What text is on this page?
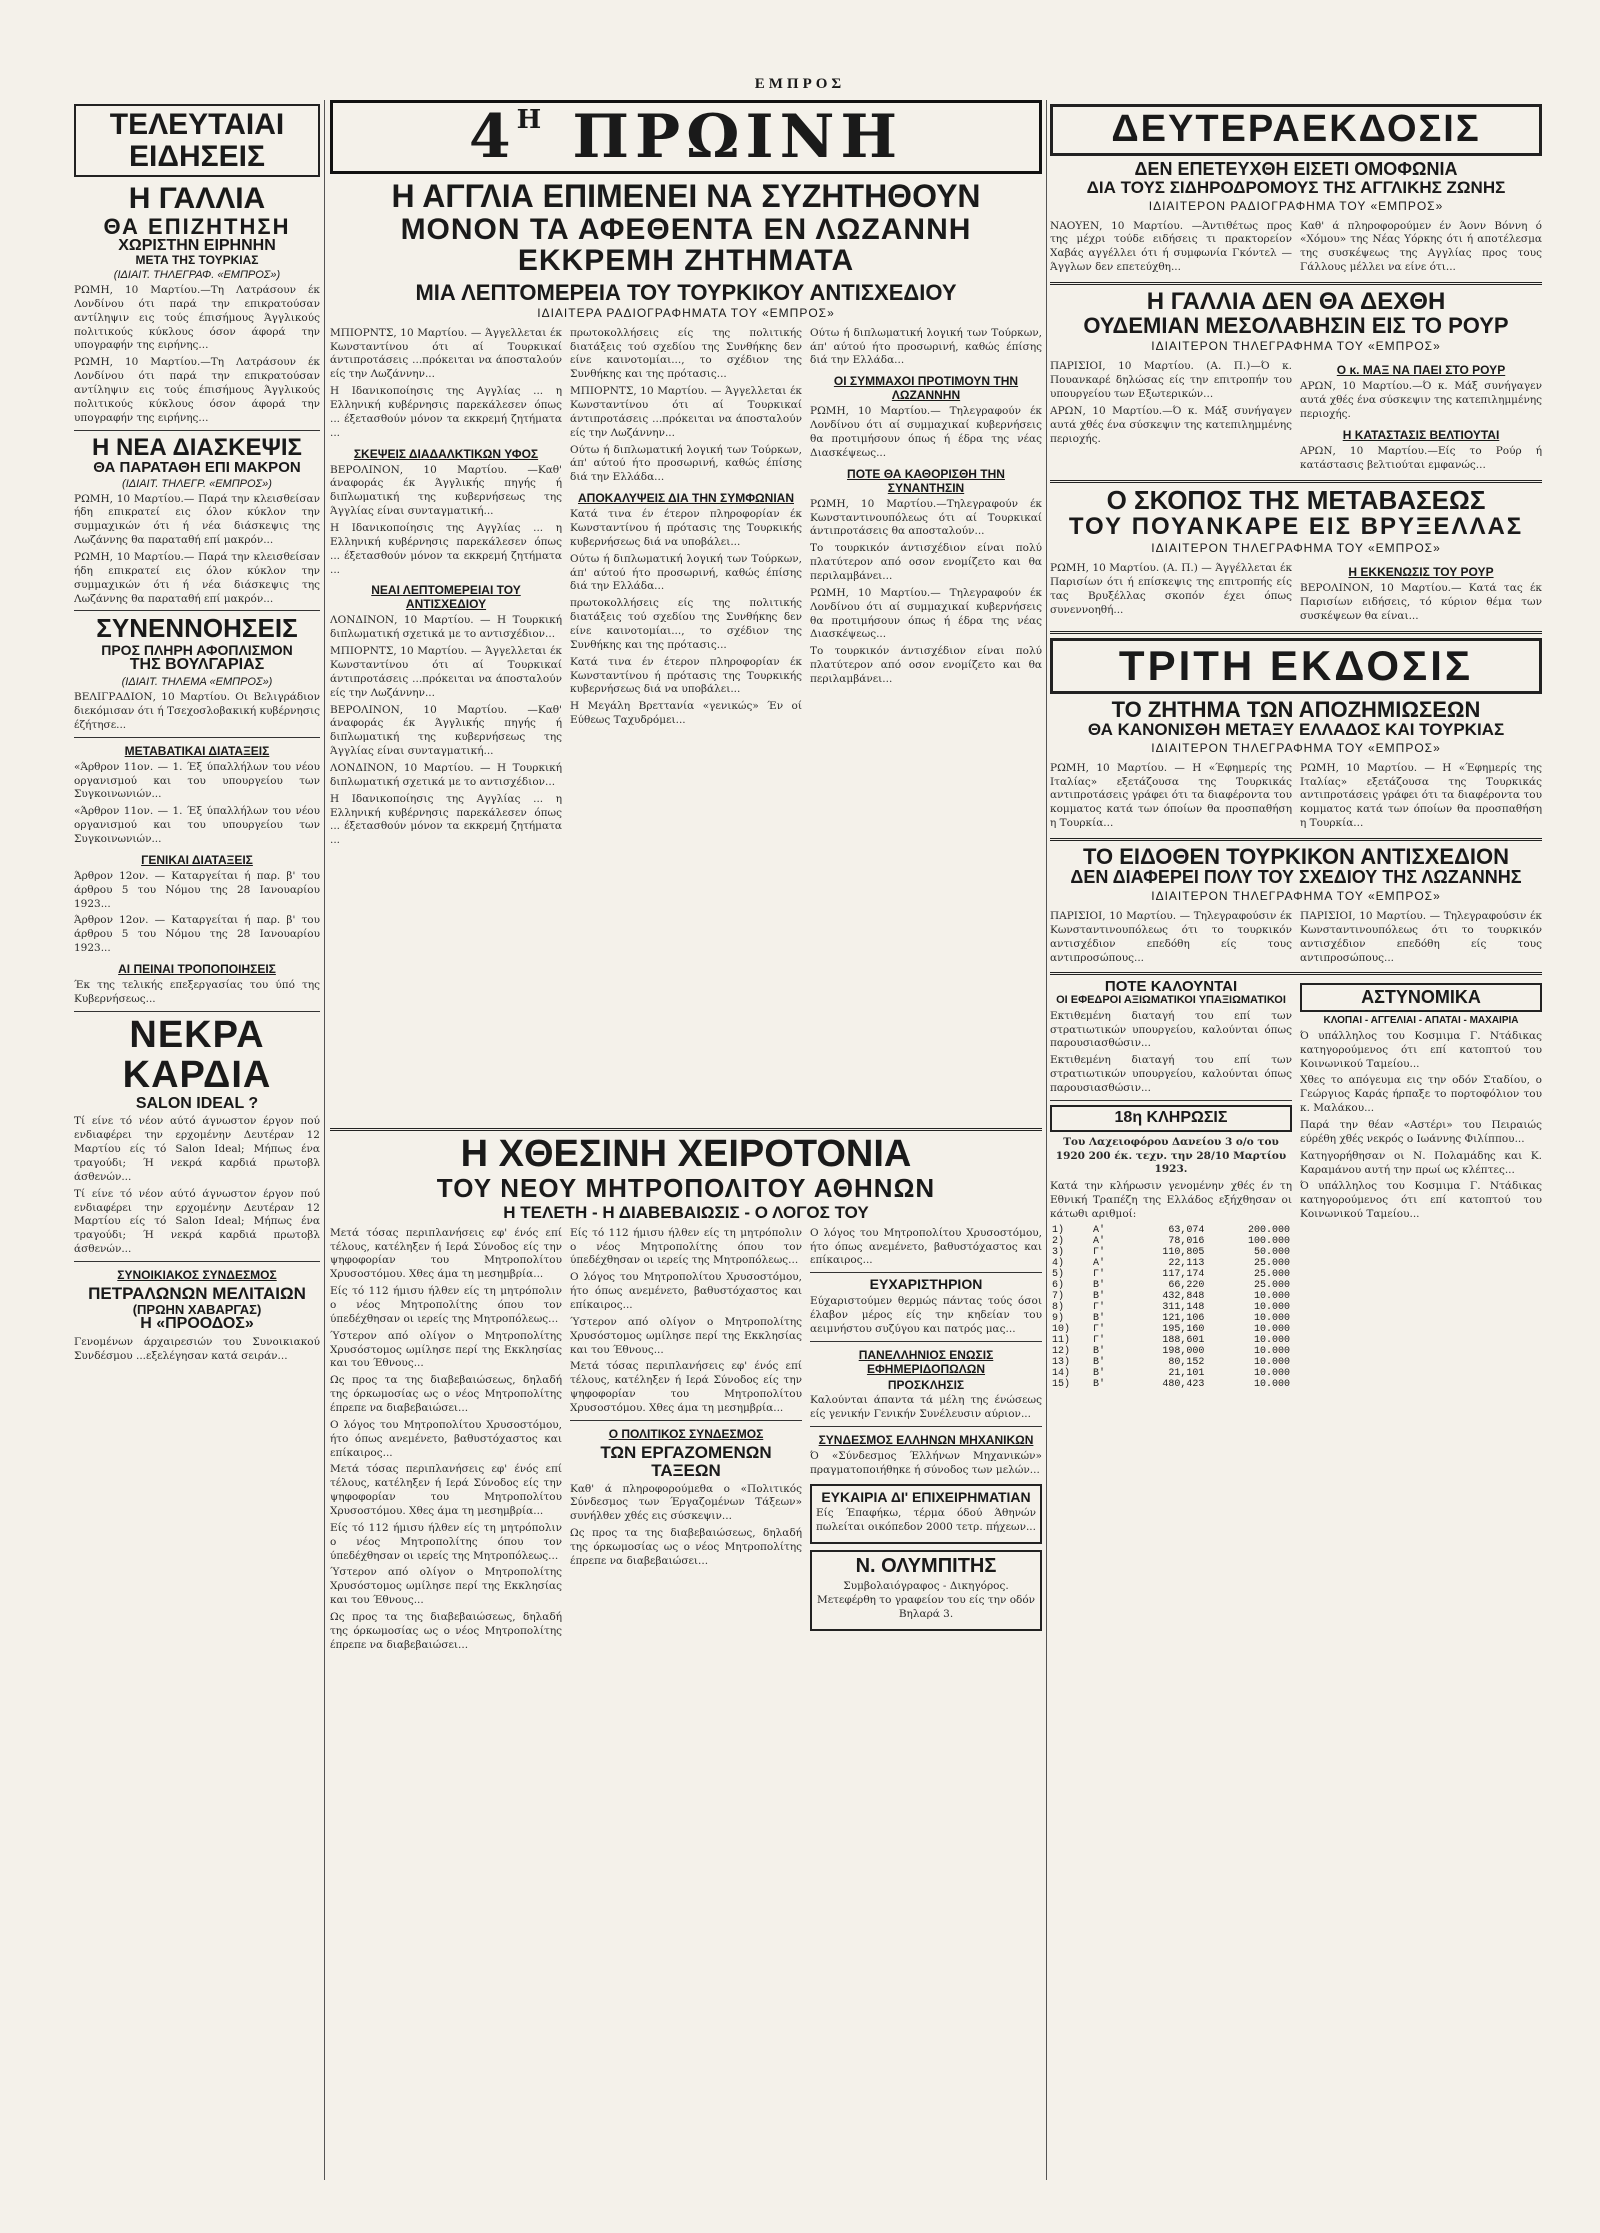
ΕΜΠΡΟΣ
ΤΕΛΕΥΤΑΙΑΙ ΕΙΔΗΣΕΙΣ
Η ΓΑΛΛΙΑ
ΘΑ ΕΠΙΖΗΤΗΣΗ
ΧΩΡΙΣΤΗΝ ΕΙΡΗΝΗΝ
ΜΕΤΑ ΤΗΣ ΤΟΥΡΚΙΑΣ
(ΙΔΙΑΙΤ. ΤΗΛΕΓΡΑΦ. «ΕΜΠΡΟΣ»)

ΡΩΜΗ, 10 Μαρτίου.—Τη Λατράσουν έκ Λονδίνου ότι παρά την επικρατούσαν αντίληψιν εις τούς έπισήμους Άγγλικούς πολιτικούς κύκλους όσον άφορά την υπογραφήν της ειρήνης...

ΡΩΜΗ, 10 Μαρτίου.—Τη Λατράσουν έκ Λονδίνου ότι παρά την επικρατούσαν αντίληψιν εις τούς έπισήμους Άγγλικούς πολιτικούς κύκλους όσον άφορά την υπογραφήν της ειρήνης...

Η ΝΕΑ ΔΙΑΣΚΕΨΙΣ
ΘΑ ΠΑΡΑΤΑΘΗ ΕΠΙ ΜΑΚΡΟΝ
(ΙΔΙΑΙΤ. ΤΗΛΕΓΡ. «ΕΜΠΡΟΣ»)

ΡΩΜΗ, 10 Μαρτίου.— Παρά την κλεισθείσαν ήδη επικρατεί εις όλον κύκλον την συμμαχικών ότι ή νέα διάσκεψις της Λωζάννης θα παραταθή επί μακρόν...

ΡΩΜΗ, 10 Μαρτίου.— Παρά την κλεισθείσαν ήδη επικρατεί εις όλον κύκλον την συμμαχικών ότι ή νέα διάσκεψις της Λωζάννης θα παραταθή επί μακρόν...

ΣΥΝΕΝΝΟΗΣΕΙΣ
ΠΡΟΣ ΠΛΗΡΗ ΑΦΟΠΛΙΣΜΟΝ
ΤΗΣ ΒΟΥΛΓΑΡΙΑΣ
(ΙΔΙΑΙΤ. ΤΗΛΕΜΑ «ΕΜΠΡΟΣ»)

ΒΕΛΙΓΡΑΔΙΟΝ, 10 Μαρτίου. Οι Βελιγράδιον διεκόμισαν ότι ή Τσεχοσλοβακική κυβέρνησις έζήτησε...

ΜΕΤΑΒΑΤΙΚΑΙ ΔΙΑΤΑΞΕΙΣ

«Άρθρον 11ον. — 1. Έξ ύπαλλήλων του νέου οργανισμού και του υπουργείου των Συγκοινωνιών...

«Άρθρον 11ον. — 1. Έξ ύπαλλήλων του νέου οργανισμού και του υπουργείου των Συγκοινωνιών...

ΓΕΝΙΚΑΙ ΔΙΑΤΑΞΕΙΣ

Άρθρον 12ον. — Καταργείται ή παρ. β' του άρθρου 5 του Νόμου της 28 Ιανουαρίου 1923...

Άρθρον 12ον. — Καταργείται ή παρ. β' του άρθρου 5 του Νόμου της 28 Ιανουαρίου 1923...

ΑΙ ΠΕΙΝΑΙ ΤΡΟΠΟΠΟΙΗΣΕΙΣ

Έκ της τελικής επεξεργασίας του ύπό της Κυβερνήσεως...

ΝΕΚΡΑ ΚΑΡΔΙΑ
SALON IDEAL ?

Τί είνε τό νέον αύτό άγνωστον έργον πού ενδιαφέρει την ερχομένην Δευτέραν 12 Μαρτίου είς τό Salon Ideal; Μήπως ένα τραγούδι; Ή νεκρά καρδιά πρωτοβλ άσθενών...

Τί είνε τό νέον αύτό άγνωστον έργον πού ενδιαφέρει την ερχομένην Δευτέραν 12 Μαρτίου είς τό Salon Ideal; Μήπως ένα τραγούδι; Ή νεκρά καρδιά πρωτοβλ άσθενών...

ΣΥΝΟΙΚΙΑΚΟΣ ΣΥΝΔΕΣΜΟΣ
ΠΕΤΡΑΛΩΝΩΝ ΜΕΛΙΤΑΙΩΝ
(ΠΡΩΗΝ ΧΑΒΑΡΓΑΣ)
Η «ΠΡΟΟΔΟΣ»

Γενομένων άρχαιρεσιών του Συνοικιακού Συνδέσμου ...εξελέγησαν κατά σειράν...

$4^H$ ΠΡΩΙΝΗ
Η ΑΓΓΛΙΑ ΕΠΙΜΕΝΕΙ ΝΑ ΣΥΖΗΤΗΘΟΥΝ
ΜΟΝΟΝ ΤΑ ΑΦΕΘΕΝΤΑ ΕΝ ΛΩΖΑΝΝΗ ΕΚΚΡΕΜΗ ΖΗΤΗΜΑΤΑ
ΜΙΑ ΛΕΠΤΟΜΕΡΕΙΑ ΤΟΥ ΤΟΥΡΚΙΚΟΥ ΑΝΤΙΣΧΕΔΙΟΥ
ΙΔΙΑΙΤΕΡΑ ΡΑΔΙΟΓΡΑΦΗΜΑΤΑ ΤΟΥ «ΕΜΠΡΟΣ»

ΜΠΙΟΡΝΤΣ, 10 Μαρτίου. — Άγγελλεται έκ Κωνσταντίνου ότι αί Τουρκικαί άντιπροτάσεις ...πρόκειται να άποσταλούν είς την Λωζάννην...

Η Ιδανικοποίησις της Αγγλίας ... η Ελληνική κυβέρνησις παρεκάλεσεν όπως ... έξετασθούν μόνον τα εκκρεμή ζητήματα ...

ΣΚΕΨΕΙΣ ΔΙΑΔΑΛΚΤΙΚΩΝ ΥΦΟΣ

ΒΕΡΟΛΙΝΟΝ, 10 Μαρτίου. —Καθ' άναφοράς έκ Άγγλικής πηγής ή διπλωματική της κυβερνήσεως της Άγγλίας είναι συνταγματική...

Η Ιδανικοποίησις της Αγγλίας ... η Ελληνική κυβέρνησις παρεκάλεσεν όπως ... έξετασθούν μόνον τα εκκρεμή ζητήματα ...

ΝΕΑΙ ΛΕΠΤΟΜΕΡΕΙΑΙ ΤΟΥ ΑΝΤΙΣΧΕΔΙΟΥ

ΛΟΝΔΙΝΟΝ, 10 Μαρτίου. — Η Τουρκική διπλωματική σχετικά με το αντισχέδιον...

ΜΠΙΟΡΝΤΣ, 10 Μαρτίου. — Άγγελλεται έκ Κωνσταντίνου ότι αί Τουρκικαί άντιπροτάσεις ...πρόκειται να άποσταλούν είς την Λωζάννην...

ΒΕΡΟΛΙΝΟΝ, 10 Μαρτίου. —Καθ' άναφοράς έκ Άγγλικής πηγής ή διπλωματική της κυβερνήσεως της Άγγλίας είναι συνταγματική...

ΛΟΝΔΙΝΟΝ, 10 Μαρτίου. — Η Τουρκική διπλωματική σχετικά με το αντισχέδιον...

Η Ιδανικοποίησις της Αγγλίας ... η Ελληνική κυβέρνησις παρεκάλεσεν όπως ... έξετασθούν μόνον τα εκκρεμή ζητήματα ...

πρωτοκολλήσεις είς της πολιτικής διατάξεις τού σχεδίου της Συνθήκης δεν είνε καινοτομίαι..., το σχέδιον της Συνθήκης και της πρότασις...

ΜΠΙΟΡΝΤΣ, 10 Μαρτίου. — Άγγελλεται έκ Κωνσταντίνου ότι αί Τουρκικαί άντιπροτάσεις ...πρόκειται να άποσταλούν είς την Λωζάννην...

Ούτω ή διπλωματική λογική των Τούρκων, άπ' αύτού ήτο προσωρινή, καθώς έπίσης διά την Ελλάδα...

ΑΠΟΚΑΛΥΨΕΙΣ ΔΙΑ ΤΗΝ ΣΥΜΦΩΝΙΑΝ

Κατά τινα έν έτερον πληροφορίαν έκ Κωνσταντίνου ή πρότασις της Τουρκικής κυβερνήσεως διά να υποβάλει...

Ούτω ή διπλωματική λογική των Τούρκων, άπ' αύτού ήτο προσωρινή, καθώς έπίσης διά την Ελλάδα...

πρωτοκολλήσεις είς της πολιτικής διατάξεις τού σχεδίου της Συνθήκης δεν είνε καινοτομίαι..., το σχέδιον της Συνθήκης και της πρότασις...

Κατά τινα έν έτερον πληροφορίαν έκ Κωνσταντίνου ή πρότασις της Τουρκικής κυβερνήσεως διά να υποβάλει...

Η Μεγάλη Βρεττανία «γενικώς» Έν οί Εύθεως Ταχυδρόμει...

Ούτω ή διπλωματική λογική των Τούρκων, άπ' αύτού ήτο προσωρινή, καθώς έπίσης διά την Ελλάδα...

ΟΙ ΣΥΜΜΑΧΟΙ ΠΡΟΤΙΜΟΥΝ ΤΗΝ ΛΩΖΑΝΝΗΝ

ΡΩΜΗ, 10 Μαρτίου.— Τηλεγραφούν έκ Λονδίνου ότι αί συμμαχικαί κυβερνήσεις θα προτιμήσουν όπως ή έδρα της νέας Διασκέψεως...

ΠΟΤΕ ΘΑ ΚΑΘΟΡΙΣΘΗ ΤΗΝ ΣΥΝΑΝΤΗΣΙΝ

ΡΩΜΗ, 10 Μαρτίου.—Τηλεγραφούν έκ Κωνσταντινουπόλεως ότι αί Τουρκικαί άντιπροτάσεις θα αποσταλούν...

Το τουρκικόν άντισχέδιον είναι πολύ πλατύτερον από οσον ενομίζετο και θα περιλαμβάνει...

ΡΩΜΗ, 10 Μαρτίου.— Τηλεγραφούν έκ Λονδίνου ότι αί συμμαχικαί κυβερνήσεις θα προτιμήσουν όπως ή έδρα της νέας Διασκέψεως...

Το τουρκικόν άντισχέδιον είναι πολύ πλατύτερον από οσον ενομίζετο και θα περιλαμβάνει...

Η ΧΘΕΣΙΝΗ ΧΕΙΡΟΤΟΝΙΑ
ΤΟΥ ΝΕΟΥ ΜΗΤΡΟΠΟΛΙΤΟΥ ΑΘΗΝΩΝ
Η ΤΕΛΕΤΗ - Η ΔΙΑΒΕΒΑΙΩΣΙΣ - Ο ΛΟΓΟΣ ΤΟΥ

Μετά τόσας περιπλανήσεις εφ' ένός επί τέλους, κατέληξεν ή Ιερά Σύνοδος είς την ψηφοφορίαν του Μητροπολίτου Χρυσοστόμου. Χθες άμα τη μεσημβρία...

Είς τό 112 ήμισυ ήλθεν είς τη μητρόπολιν ο νέος Μητροπολίτης όπου τον ύπεδέχθησαν οι ιερείς της Μητροπόλεως...

Ύστερον από ολίγον ο Μητροπολίτης Χρυσόστομος ωμίλησε περί της Εκκλησίας και του Έθνους...

Ως προς τα της διαβεβαιώσεως, δηλαδή της όρκωμοσίας ως ο νέος Μητροπολίτης έπρεπε να διαβεβαιώσει...

Ο λόγος του Μητροπολίτου Χρυσοστόμου, ήτο όπως ανεμένετο, βαθυστόχαστος και επίκαιρος...

Μετά τόσας περιπλανήσεις εφ' ένός επί τέλους, κατέληξεν ή Ιερά Σύνοδος είς την ψηφοφορίαν του Μητροπολίτου Χρυσοστόμου. Χθες άμα τη μεσημβρία...

Είς τό 112 ήμισυ ήλθεν είς τη μητρόπολιν ο νέος Μητροπολίτης όπου τον ύπεδέχθησαν οι ιερείς της Μητροπόλεως...

Ύστερον από ολίγον ο Μητροπολίτης Χρυσόστομος ωμίλησε περί της Εκκλησίας και του Έθνους...

Ως προς τα της διαβεβαιώσεως, δηλαδή της όρκωμοσίας ως ο νέος Μητροπολίτης έπρεπε να διαβεβαιώσει...

Είς τό 112 ήμισυ ήλθεν είς τη μητρόπολιν ο νέος Μητροπολίτης όπου τον ύπεδέχθησαν οι ιερείς της Μητροπόλεως...

Ο λόγος του Μητροπολίτου Χρυσοστόμου, ήτο όπως ανεμένετο, βαθυστόχαστος και επίκαιρος...

Ύστερον από ολίγον ο Μητροπολίτης Χρυσόστομος ωμίλησε περί της Εκκλησίας και του Έθνους...

Μετά τόσας περιπλανήσεις εφ' ένός επί τέλους, κατέληξεν ή Ιερά Σύνοδος είς την ψηφοφορίαν του Μητροπολίτου Χρυσοστόμου. Χθες άμα τη μεσημβρία...

Ο ΠΟΛΙΤΙΚΟΣ ΣΥΝΔΕΣΜΟΣ
ΤΩΝ ΕΡΓΑΖΟΜΕΝΩΝ ΤΑΞΕΩΝ

Καθ' ά πληροφορούμεθα ο «Πολιτικός Σύνδεσμος των Έργαζομένων Τάξεων» συνήλθεν χθές εις σύσκεψιν...

Ως προς τα της διαβεβαιώσεως, δηλαδή της όρκωμοσίας ως ο νέος Μητροπολίτης έπρεπε να διαβεβαιώσει...

Ο λόγος του Μητροπολίτου Χρυσοστόμου, ήτο όπως ανεμένετο, βαθυστόχαστος και επίκαιρος...

ΕΥΧΑΡΙΣΤΗΡΙΟΝ

Εύχαριστούμεν θερμώς πάντας τούς όσοι έλαβον μέρος είς την κηδείαν του αειμνήστου συζύγου και πατρός μας...

ΠΑΝΕΛΛΗΝΙΟΣ ΕΝΩΣΙΣ ΕΦΗΜΕΡΙΔΟΠΩΛΩΝ
ΠΡΟΣΚΛΗΣΙΣ

Καλούνται άπαντα τά μέλη της ένώσεως είς γενικήν Γενικήν Συνέλευσιν αύριον...

ΣΥΝΔΕΣΜΟΣ ΕΛΛΗΝΩΝ ΜΗΧΑΝΙΚΩΝ

Ό «Σύνδεσμος Έλλήνων Μηχανικών» πραγματοποιήθηκε ή σύνοδος των μελών...

ΕΥΚΑΙΡΙΑ ΔΙ' ΕΠΙΧΕΙΡΗΜΑΤΙΑΝ

Είς Έπαφήκω, τέρμα όδού Άθηνών πωλείται οικόπεδον 2000 τετρ. πήχεων...

Ν. ΟΛΥΜΠΙΤΗΣ

Συμβολαιόγραφος - Δικηγόρος. Μετεφέρθη το γραφείον του είς την οδόν Βηλαρά 3.

ΔΕΥΤΕΡΑΕΚΔΟΣΙΣ
ΔΕΝ ΕΠΕΤΕΥΧΘΗ ΕΙΣΕΤΙ ΟΜΟΦΩΝΙΑ
ΔΙΑ ΤΟΥΣ ΣΙΔΗΡΟΔΡΟΜΟΥΣ ΤΗΣ ΑΓΓΛΙΚΗΣ ΖΩΝΗΣ
ΙΔΙΑΙΤΕΡΟΝ ΡΑΔΙΟΓΡΑΦΗΜΑ ΤΟΥ «ΕΜΠΡΟΣ»

ΝΑΟΥΕΝ, 10 Μαρτίου. —Άντιθέτως προς της μέχρι τούδε ειδήσεις τι πρακτορείον Χαβάς αγγέλλει ότι ή συμφωνία Γκόντελ — Άγγλων δεν επετεύχθη...

Καθ' ά πληροφορούμεν έν Άονν Βόννη ό «Χόμου» της Νέας Υόρκης ότι ή αποτέλεσμα της συσκέψεως της Αγγλίας προς τους Γάλλους μέλλει να είνε ότι...

Η ΓΑΛΛΙΑ ΔΕΝ ΘΑ ΔΕΧΘΗ
ΟΥΔΕΜΙΑΝ ΜΕΣΟΛΑΒΗΣΙΝ ΕΙΣ ΤΟ ΡΟΥΡ
ΙΔΙΑΙΤΕΡΟΝ ΤΗΛΕΓΡΑΦΗΜΑ ΤΟΥ «ΕΜΠΡΟΣ»

ΠΑΡΙΣΙΟΙ, 10 Μαρτίου. (Α. Π.)—Ό κ. Πουανκαρέ δηλώσας είς την επιτροπήν του υπουργείου των Εξωτερικών...

ΑΡΩΝ, 10 Μαρτίου.—Ό κ. Μάξ συνήγαγεν αυτά χθές ένα σύσκεψιν της κατεπιλημμένης περιοχής.

Ο κ. ΜΑΞ ΝΑ ΠΑΕΙ ΣΤΟ ΡΟΥΡ

ΑΡΩΝ, 10 Μαρτίου.—Ό κ. Μάξ συνήγαγεν αυτά χθές ένα σύσκεψιν της κατεπιλημμένης περιοχής.

Η ΚΑΤΑΣΤΑΣΙΣ ΒΕΛΤΙΟΥΤΑΙ

ΑΡΩΝ, 10 Μαρτίου.—Είς το Ρούρ ή κατάστασις βελτιούται εμφανώς...

Ο ΣΚΟΠΟΣ ΤΗΣ ΜΕΤΑΒΑΣΕΩΣ
ΤΟΥ ΠΟΥΑΝΚΑΡΕ ΕΙΣ ΒΡΥΞΕΛΛΑΣ
ΙΔΙΑΙΤΕΡΟΝ ΤΗΛΕΓΡΑΦΗΜΑ ΤΟΥ «ΕΜΠΡΟΣ»

ΡΩΜΗ, 10 Μαρτίου. (Α. Π.) — Άγγέλλεται έκ Παρισίων ότι ή επίσκεψις της επιτροπής είς τας Βρυξέλλας σκοπόν έχει όπως συνεννοηθή...

Η ΕΚΚΕΝΩΣΙΣ ΤΟΥ ΡΟΥΡ

ΒΕΡΟΛΙΝΟΝ, 10 Μαρτίου.— Κατά τας έκ Παρισίων ειδήσεις, τό κύριον θέμα των συσκέψεων θα είναι...

ΤΡΙΤΗ ΕΚΔΟΣΙΣ
ΤΟ ΖΗΤΗΜΑ ΤΩΝ ΑΠΟΖΗΜΙΩΣΕΩΝ
ΘΑ ΚΑΝΟΝΙΣΘΗ ΜΕΤΑΞΥ ΕΛΛΑΔΟΣ ΚΑΙ ΤΟΥΡΚΙΑΣ
ΙΔΙΑΙΤΕΡΟΝ ΤΗΛΕΓΡΑΦΗΜΑ ΤΟΥ «ΕΜΠΡΟΣ»

ΡΩΜΗ, 10 Μαρτίου. — Η «Έφημερίς της Ιταλίας» εξετάζουσα της Τουρκικάς αντιπροτάσεις γράφει ότι τα διαφέροντα του κομματος κατά των όποίων θα προσπαθήση η Τουρκία...

ΡΩΜΗ, 10 Μαρτίου. — Η «Έφημερίς της Ιταλίας» εξετάζουσα της Τουρκικάς αντιπροτάσεις γράφει ότι τα διαφέροντα του κομματος κατά των όποίων θα προσπαθήση η Τουρκία...

ΤΟ ΕΙΔΟΘΕΝ ΤΟΥΡΚΙΚΟΝ ΑΝΤΙΣΧΕΔΙΟΝ
ΔΕΝ ΔΙΑΦΕΡΕΙ ΠΟΛΥ ΤΟΥ ΣΧΕΔΙΟΥ ΤΗΣ ΛΩΖΑΝΝΗΣ
ΙΔΙΑΙΤΕΡΟΝ ΤΗΛΕΓΡΑΦΗΜΑ ΤΟΥ «ΕΜΠΡΟΣ»

ΠΑΡΙΣΙΟΙ, 10 Μαρτίου. — Τηλεγραφούσιν έκ Κωνσταντινουπόλεως ότι το τουρκικόν αντισχέδιον επεδόθη είς τους αντιπροσώπους...

ΠΑΡΙΣΙΟΙ, 10 Μαρτίου. — Τηλεγραφούσιν έκ Κωνσταντινουπόλεως ότι το τουρκικόν αντισχέδιον επεδόθη είς τους αντιπροσώπους...

ΠΟΤΕ ΚΑΛΟΥΝΤΑΙ
ΟΙ ΕΦΕΔΡΟΙ ΑΞΙΩΜΑΤΙΚΟΙ ΥΠΑΞΙΩΜΑΤΙΚΟΙ

Εκτιθεμένη διαταγή του επί των στρατιωτικών υπουργείου, καλούνται όπως παρουσιασθώσιν...

Εκτιθεμένη διαταγή του επί των στρατιωτικών υπουργείου, καλούνται όπως παρουσιασθώσιν...

18η ΚΛΗΡΩΣΙΣ

Του Λαχειοφόρου Δανείου 3 ο/ο του 1920 200 έκ. τεχν. την 28/10 Μαρτίου 1923.

Κατά την κλήρωσιν γενομένην χθές έν τη Εθνική Τραπέζη της Ελλάδος εξήχθησαν οι κάτωθι αριθμοί:

1)	Α'	63,074	200.000
2)	Α'	78,016	100.000
3)	Γ'	110,805	50.000
4)	Α'	22,113	25.000
5)	Γ'	117,174	25.000
6)	Β'	66,220	25.000
7)	Β'	432,848	10.000
8)	Γ'	311,148	10.000
9)	Β'	121,106	10.000
10)	Γ'	195,160	10.000
11)	Γ'	188,601	10.000
12)	Β'	198,000	10.000
13)	Β'	80,152	10.000
14)	Β'	21,101	10.000
15)	Β'	480,423	10.000
ΑΣΤΥΝΟΜΙΚΑ
ΚΛΟΠΑΙ - ΑΓΓΕΛΙΑΙ - ΑΠΑΤΑΙ - ΜΑΧΑΙΡΙΑ

Ό υπάλληλος του Κοσμιμα Γ. Ντάδικας κατηγορούμενος ότι επί κατοπτού του Κοινωνικού Ταμείου...

Χθες το απόγευμα εις την οδόν Σταδίου, ο Γεώργιος Καράς ήρπαξε το πορτοφόλιον του κ. Μαλάκου...

Παρά την θέαν «Αστέρι» του Πειραιώς εύρέθη χθές νεκρός ο Ιωάννης Φιλίππου...

Κατηγορήθησαν οι Ν. Πολαμάδης και Κ. Καραμάνου αυτή την πρωί ως κλέπτες...

Ό υπάλληλος του Κοσμιμα Γ. Ντάδικας κατηγορούμενος ότι επί κατοπτού του Κοινωνικού Ταμείου...
